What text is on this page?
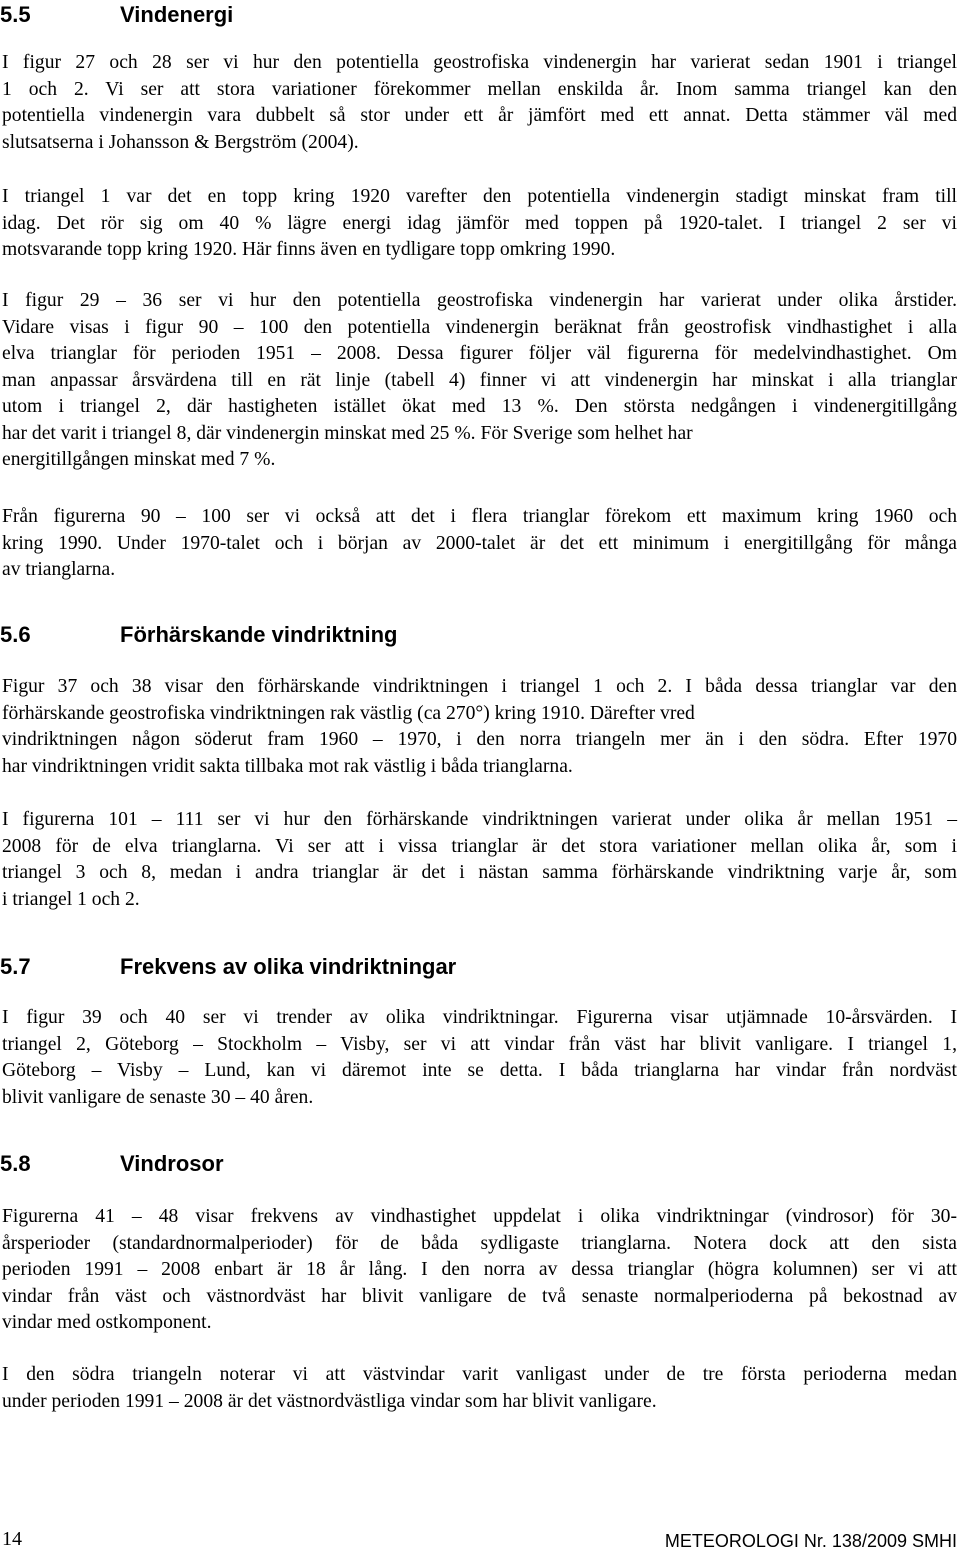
5.5	Vindenergi
I figur 27 och 28 ser vi hur den potentiella geostrofiska vindenergin har varierat sedan 1901 i triangel
1 och 2. Vi ser att stora variationer förekommer mellan enskilda år. Inom samma triangel kan den
potentiella vindenergin vara dubbelt så stor under ett år jämfört med ett annat. Detta stämmer väl med
slutsatserna i Johansson & Bergström (2004).
I triangel 1 var det en topp kring 1920 varefter den potentiella vindenergin stadigt minskat fram till
idag. Det rör sig om 40 % lägre energi idag jämför med toppen på 1920-talet. I triangel 2 ser vi
motsvarande topp kring 1920. Här finns även en tydligare topp omkring 1990.
I figur 29 – 36 ser vi hur den potentiella geostrofiska vindenergin har varierat under olika årstider.
Vidare visas i figur 90 – 100 den potentiella vindenergin beräknat från geostrofisk vindhastighet i alla
elva trianglar för perioden 1951 – 2008. Dessa figurer följer väl figurerna för medelvindhastighet. Om
man anpassar årsvärdena till en rät linje (tabell 4) finner vi att vindenergin har minskat i alla trianglar
utom i triangel 2, där hastigheten istället ökat med 13 %. Den största nedgången i vindenergitillgång
har det varit i triangel 8, där vindenergin minskat med 25 %. För Sverige som helhet har
energitillgången minskat med 7 %.
Från figurerna 90 – 100 ser vi också att det i flera trianglar förekom ett maximum kring 1960 och
kring 1990. Under 1970-talet och i början av 2000-talet är det ett minimum i energitillgång för många
av trianglarna.
5.6	Förhärskande vindriktning
Figur 37 och 38 visar den förhärskande vindriktningen i triangel 1 och 2. I båda dessa trianglar var den
förhärskande geostrofiska vindriktningen rak västlig (ca 270°) kring 1910. Därefter vred
vindriktningen någon söderut fram 1960 – 1970, i den norra triangeln mer än i den södra. Efter 1970
har vindriktningen vridit sakta tillbaka mot rak västlig i båda trianglarna.
I figurerna 101 – 111 ser vi hur den förhärskande vindriktningen varierat under olika år mellan 1951 –
2008 för de elva trianglarna. Vi ser att i vissa trianglar är det stora variationer mellan olika år, som i
triangel 3 och 8, medan i andra trianglar är det i nästan samma förhärskande vindriktning varje år, som
i triangel 1 och 2.
5.7	Frekvens av olika vindriktningar
I figur 39 och 40 ser vi trender av olika vindriktningar. Figurerna visar utjämnade 10-årsvärden. I
triangel 2, Göteborg – Stockholm – Visby, ser vi att vindar från väst har blivit vanligare. I triangel 1,
Göteborg – Visby – Lund, kan vi däremot inte se detta. I båda trianglarna har vindar från nordväst
blivit vanligare de senaste 30 – 40 åren.
5.8	Vindrosor
Figurerna 41 – 48 visar frekvens av vindhastighet uppdelat i olika vindriktningar (vindrosor) för 30-
årsperioder (standardnormalperioder) för de båda sydligaste trianglarna. Notera dock att den sista
perioden 1991 – 2008 enbart är 18 år lång. I den norra av dessa trianglar (högra kolumnen) ser vi att
vindar från väst och västnordväst har blivit vanligare de två senaste normalperioderna på bekostnad av
vindar med ostkomponent.
I den södra triangeln noterar vi att västvindar varit vanligast under de tre första perioderna medan
under perioden 1991 – 2008 är det västnordvästliga vindar som har blivit vanligare.
14	METEOROLOGI Nr. 138/2009 SMHI
